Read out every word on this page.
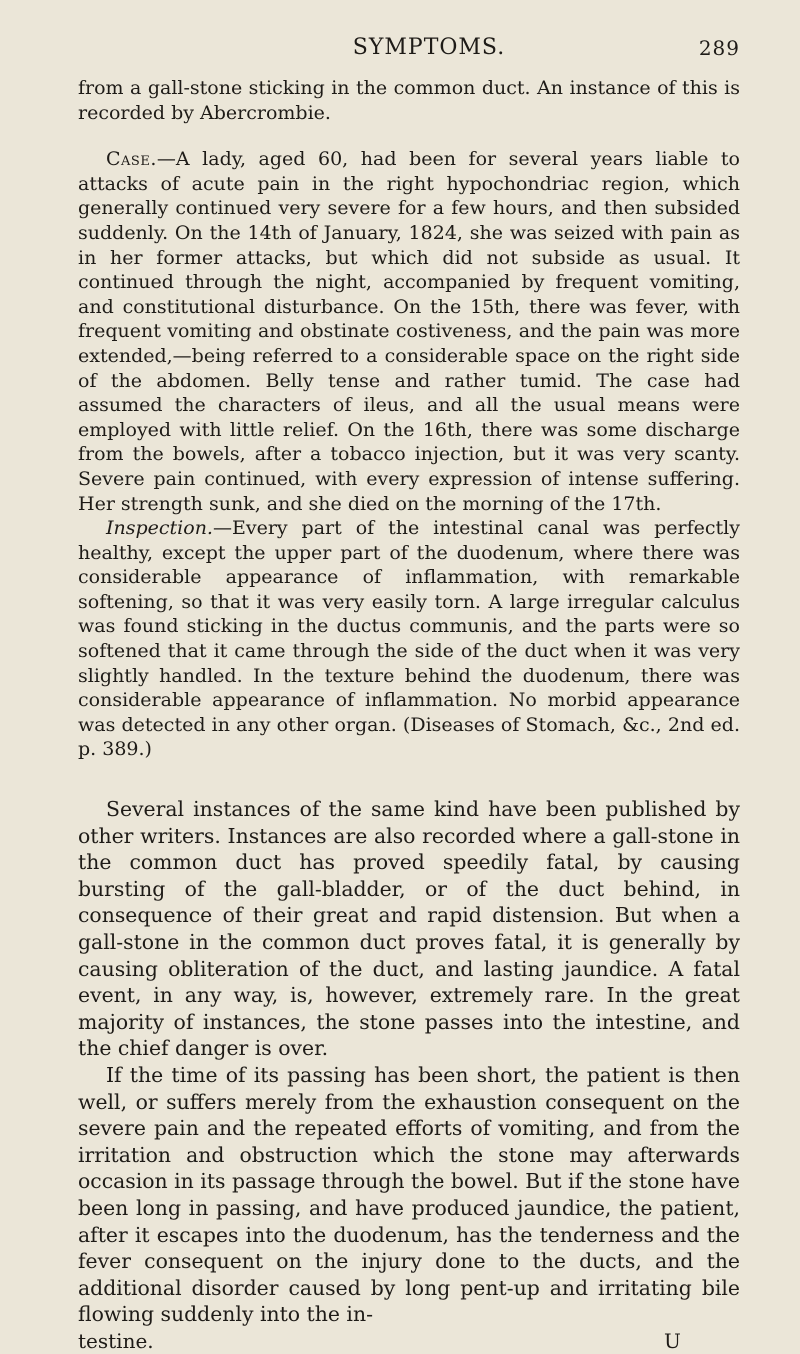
SYMPTOMS.	289

from a gall-stone sticking in the common duct. An instance of this is recorded by Abercrombie.

Case.—A lady, aged 60, had been for several years liable to attacks of acute pain in the right hypochondriac region, which generally continued very severe for a few hours, and then subsided suddenly. On the 14th of January, 1824, she was seized with pain as in her former attacks, but which did not subside as usual. It continued through the night, accompanied by frequent vomiting, and constitutional disturbance. On the 15th, there was fever, with frequent vomiting and obstinate costiveness, and the pain was more extended,—being referred to a considerable space on the right side of the abdomen. Belly tense and rather tumid. The case had assumed the characters of ileus, and all the usual means were employed with little relief. On the 16th, there was some discharge from the bowels, after a tobacco injection, but it was very scanty. Severe pain continued, with every expression of intense suffering. Her strength sunk, and she died on the morning of the 17th.

Inspection.—Every part of the intestinal canal was perfectly healthy, except the upper part of the duodenum, where there was considerable appearance of inflammation, with remarkable softening, so that it was very easily torn. A large irregular calculus was found sticking in the ductus communis, and the parts were so softened that it came through the side of the duct when it was very slightly handled. In the texture behind the duodenum, there was considerable appearance of inflammation. No morbid appearance was detected in any other organ. (Diseases of Stomach, &c., 2nd ed. p. 389.)

Several instances of the same kind have been published by other writers. Instances are also recorded where a gall-stone in the common duct has proved speedily fatal, by causing bursting of the gall-bladder, or of the duct behind, in consequence of their great and rapid distension. But when a gall-stone in the common duct proves fatal, it is generally by causing obliteration of the duct, and lasting jaundice. A fatal event, in any way, is, however, extremely rare. In the great majority of instances, the stone passes into the intestine, and the chief danger is over.

If the time of its passing has been short, the patient is then well, or suffers merely from the exhaustion consequent on the severe pain and the repeated efforts of vomiting, and from the irritation and obstruction which the stone may afterwards occasion in its passage through the bowel. But if the stone have been long in passing, and have produced jaundice, the patient, after it escapes into the duodenum, has the tenderness and the fever consequent on the injury done to the ducts, and the additional disorder caused by long pent-up and irritating bile flowing suddenly into the in-

testine.	U
